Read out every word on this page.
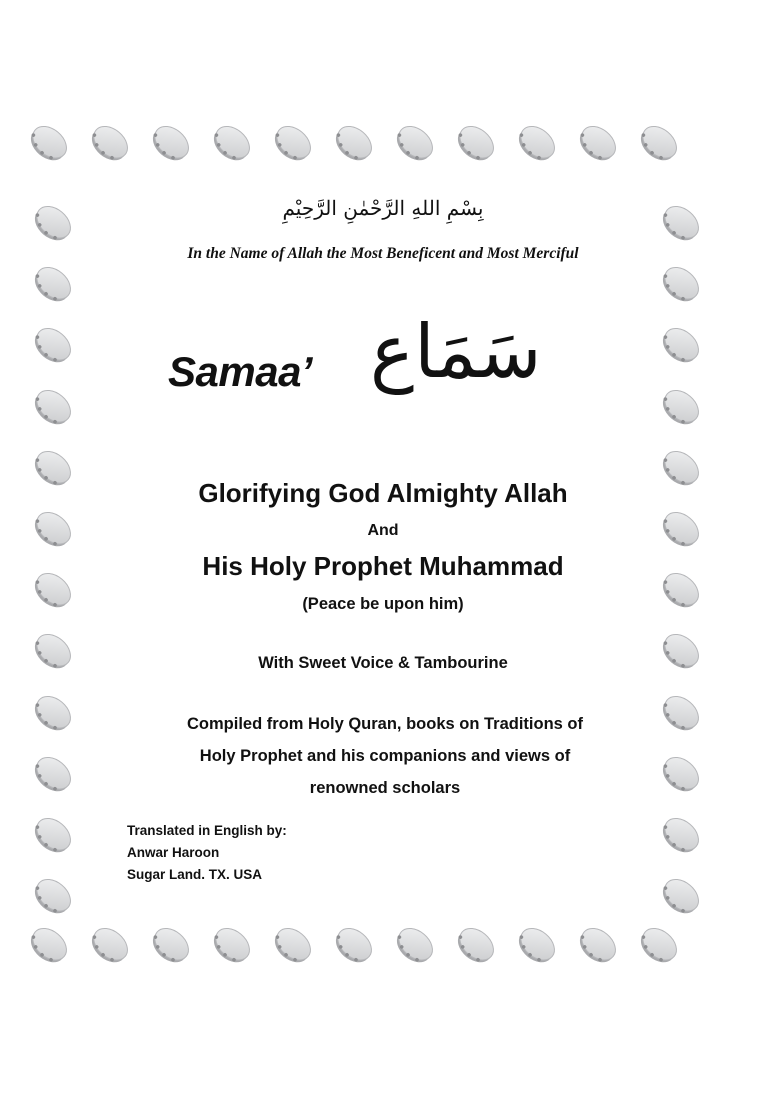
بِسْمِ اللهِ الرَّحْمٰنِ الرَّحِيْمِ
In the Name of Allah the Most Beneficent and Most Merciful
Samaa’ سَمَاع
Glorifying God Almighty Allah
And
His Holy Prophet Muhammad
(Peace be upon him)
With Sweet Voice & Tambourine
Compiled from Holy Quran, books on Traditions of
Holy Prophet and his companions and views of
renowned scholars
Translated in English by:
Anwar Haroon
Sugar Land. TX. USA
